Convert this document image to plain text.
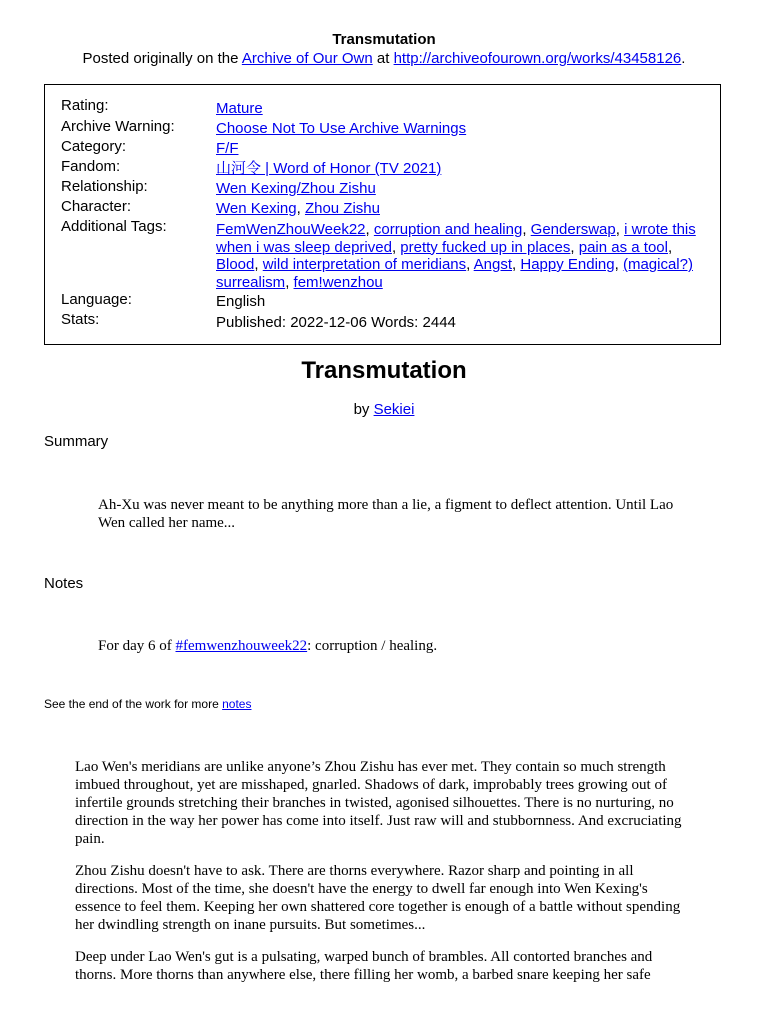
Transmutation
Posted originally on the Archive of Our Own at http://archiveofourown.org/works/43458126.
Rating:	Mature
Archive Warning:	Choose Not To Use Archive Warnings
Category:	F/F
Fandom:	山河令 | Word of Honor (TV 2021)
Relationship:	Wen Kexing/Zhou Zishu
Character:	Wen Kexing, Zhou Zishu
Additional Tags:	FemWenZhouWeek22, corruption and healing, Genderswap, i wrote this when i was sleep deprived, pretty fucked up in places, pain as a tool, Blood, wild interpretation of meridians, Angst, Happy Ending, (magical?) surrealism, fem!wenzhou
Language:	English
Stats:	Published: 2022-12-06 Words: 2444
Transmutation
by Sekiei
Summary
Ah-Xu was never meant to be anything more than a lie, a figment to deflect attention. Until Lao Wen called her name...
Notes
For day 6 of #femwenzhouweek22: corruption / healing.
See the end of the work for more notes

Lao Wen's meridians are unlike anyone’s Zhou Zishu has ever met. They contain so much strength imbued throughout, yet are misshaped, gnarled. Shadows of dark, improbably trees growing out of infertile grounds stretching their branches in twisted, agonised silhouettes. There is no nurturing, no direction in the way her power has come into itself. Just raw will and stubbornness. And excruciating pain.

Zhou Zishu doesn't have to ask. There are thorns everywhere. Razor sharp and pointing in all directions. Most of the time, she doesn't have the energy to dwell far enough into Wen Kexing's essence to feel them. Keeping her own shattered core together is enough of a battle without spending her dwindling strength on inane pursuits. But sometimes...

Deep under Lao Wen's gut is a pulsating, warped bunch of brambles. All contorted branches and thorns. More thorns than anywhere else, there filling her womb, a barbed snare keeping her safe
